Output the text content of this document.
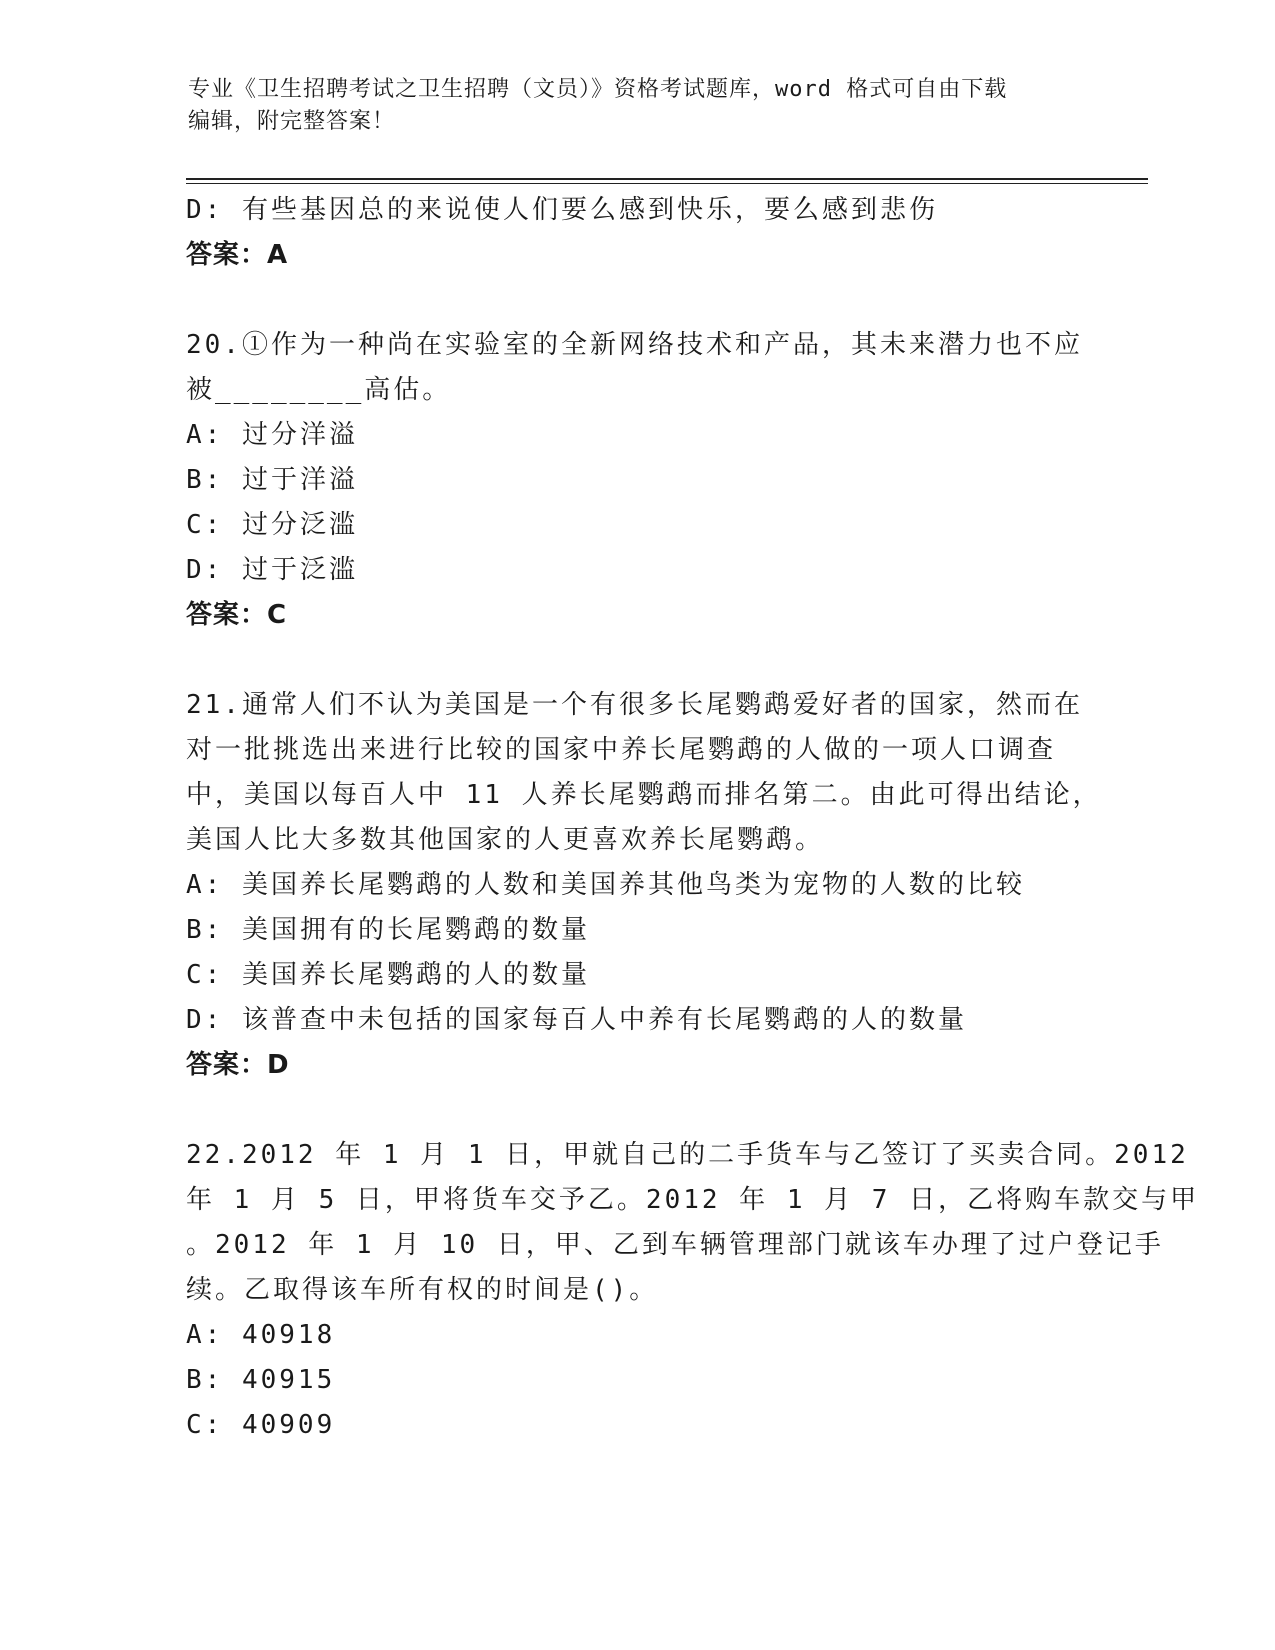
专业《卫生招聘考试之卫生招聘（文员）》资格考试题库，word 格式可自由下载
编辑，附完整答案！
D: 有些基因总的来说使人们要么感到快乐，要么感到悲伤
答案：A
20.①作为一种尚在实验室的全新网络技术和产品，其未来潜力也不应
被________高估。
A: 过分洋溢
B: 过于洋溢
C: 过分泛滥
D: 过于泛滥
答案：C
21.通常人们不认为美国是一个有很多长尾鹦鹉爱好者的国家，然而在
对一批挑选出来进行比较的国家中养长尾鹦鹉的人做的一项人口调查
中，美国以每百人中 11 人养长尾鹦鹉而排名第二。由此可得出结论，
美国人比大多数其他国家的人更喜欢养长尾鹦鹉。
A: 美国养长尾鹦鹉的人数和美国养其他鸟类为宠物的人数的比较
B: 美国拥有的长尾鹦鹉的数量
C: 美国养长尾鹦鹉的人的数量
D: 该普查中未包括的国家每百人中养有长尾鹦鹉的人的数量
答案：D
22.2012 年 1 月 1 日，甲就自己的二手货车与乙签订了买卖合同。2012
年 1 月 5 日，甲将货车交予乙。2012 年 1 月 7 日，乙将购车款交与甲
。2012 年 1 月 10 日，甲、乙到车辆管理部门就该车办理了过户登记手
续。乙取得该车所有权的时间是()。
A: 40918
B: 40915
C: 40909
